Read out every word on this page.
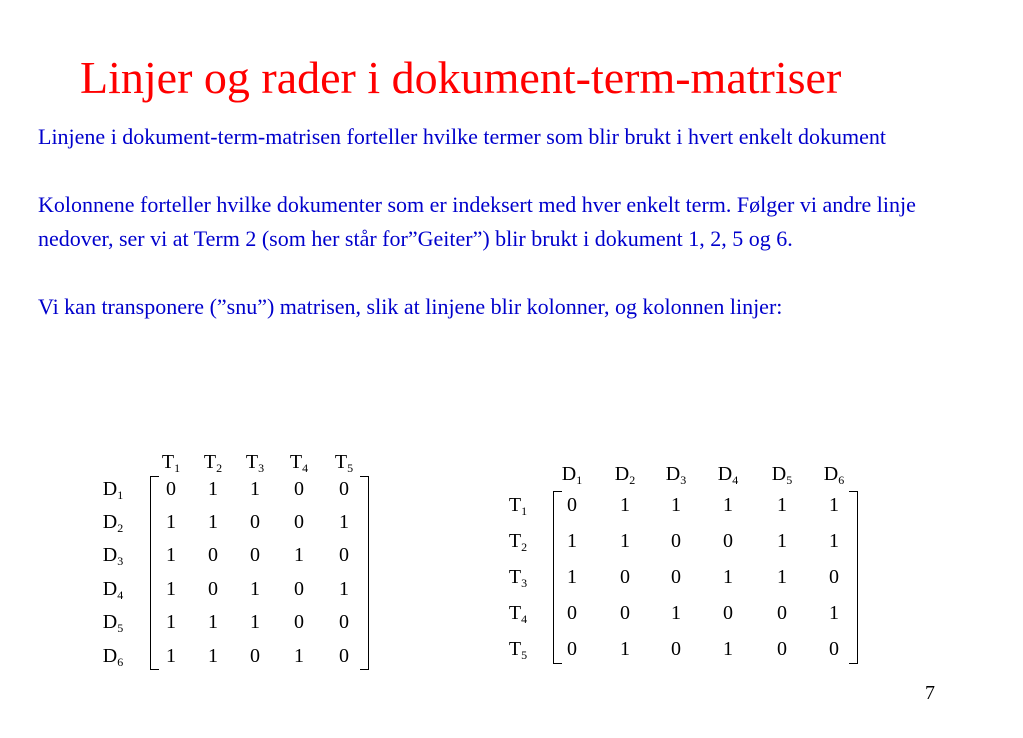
Linjer og rader i dokument-term-matriser

Linjene i dokument-term-matrisen forteller hvilke termer som blir brukt i hvert enkelt dokument

Kolonnene forteller hvilke dokumenter som er indeksert med hver enkelt term. Følger vi andre linje nedover, ser vi at Term 2 (som her står for”Geiter”) blir brukt i dokument 1, 2, 5 og 6.

Vi kan transponere (”snu”) matrisen, slik at linjene blir kolonner, og kolonnen linjer:

$T_1$ $T_2$ $T_3$ $T_4$ $T_5$
$D_1$ 0 1 1 0 0
$D_2$ 1 1 0 0 1
$D_3$ 1 0 0 1 0
$D_4$ 1 0 1 0 1
$D_5$ 1 1 1 0 0
$D_6$ 1 1 0 1 0
$D_1$ $D_2$ $D_3$ $D_4$ $D_5$ $D_6$
$T_1$ 0 1 1 1 1 1
$T_2$ 1 1 0 0 1 1
$T_3$ 1 0 0 1 1 0
$T_4$ 0 0 1 0 0 1
$T_5$ 0 1 0 1 0 0
7
